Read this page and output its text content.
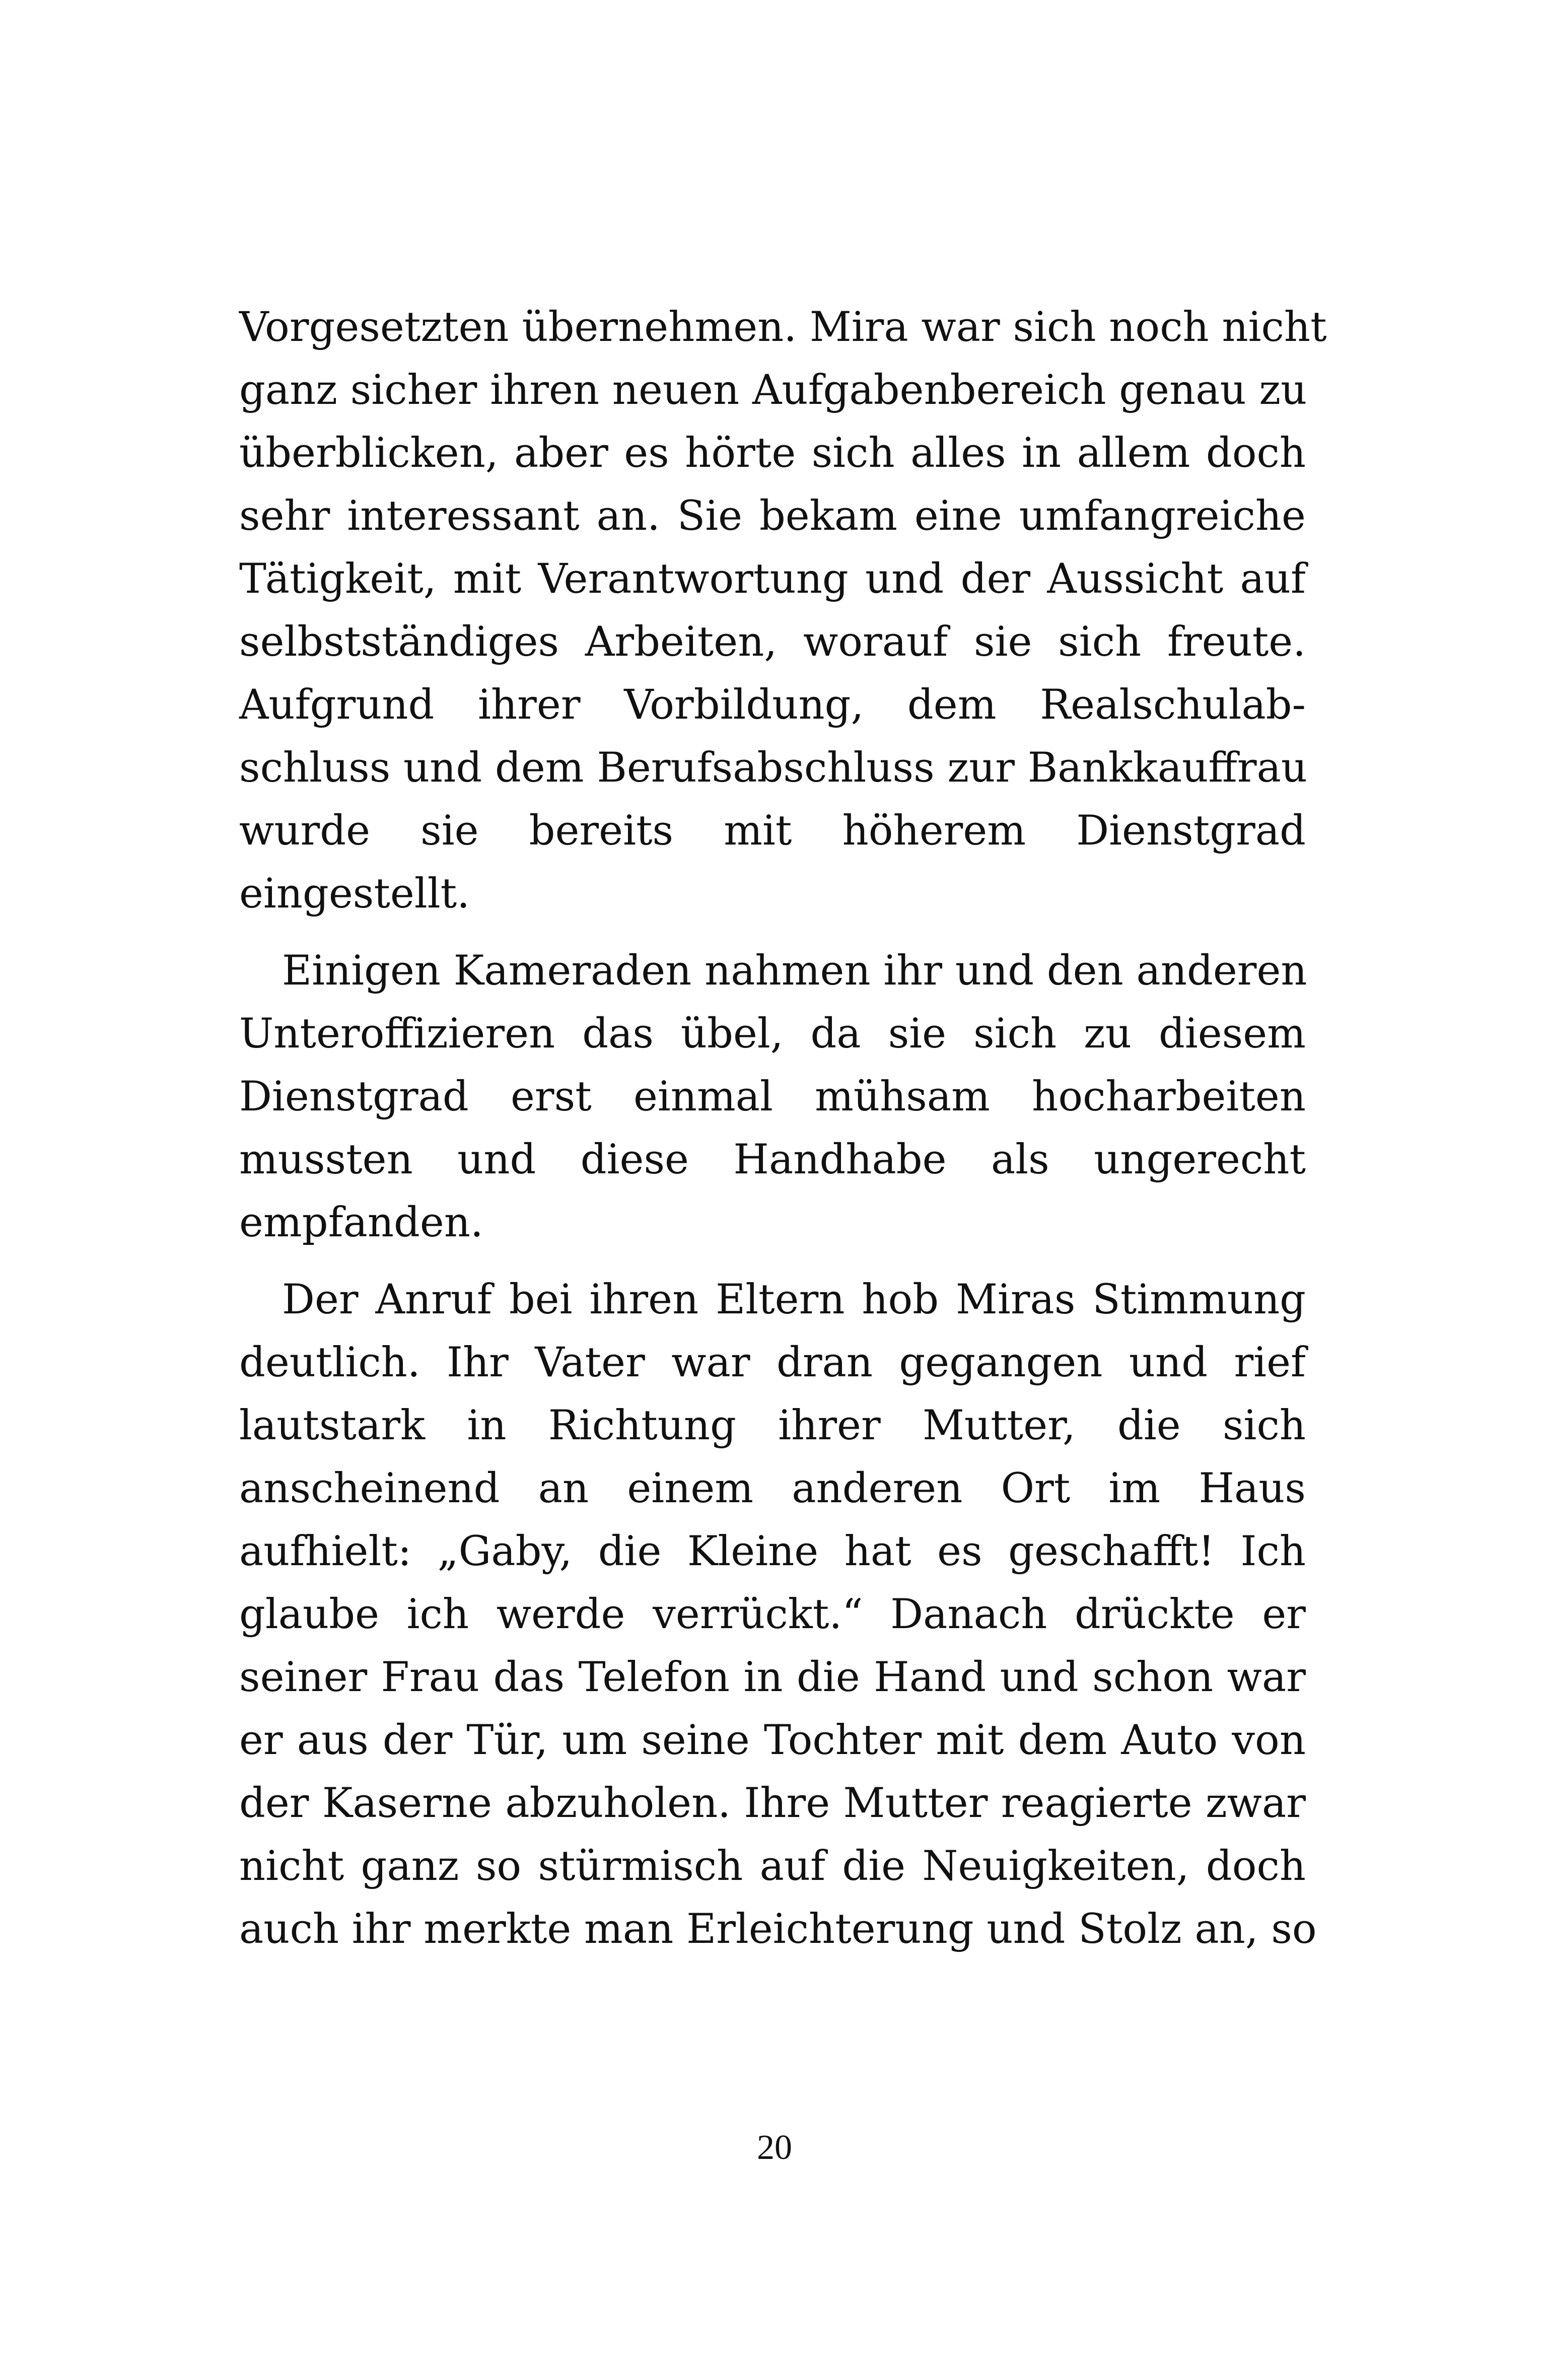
Vorgesetzten übernehmen. Mira war sich noch nicht
ganz sicher ihren neuen Aufgabenbereich genau zu
überblicken, aber es hörte sich alles in allem doch
sehr interessant an. Sie bekam eine umfangreiche
Tätigkeit, mit Verantwortung und der Aussicht auf
selbstständiges Arbeiten, worauf sie sich freute.
Aufgrund ihrer Vorbildung, dem Realschulab-
schluss und dem Berufsabschluss zur Bankkauffrau
wurde sie bereits mit höherem Dienstgrad
eingestellt.
Einigen Kameraden nahmen ihr und den anderen
Unteroffizieren das übel, da sie sich zu diesem
Dienstgrad erst einmal mühsam hocharbeiten
mussten und diese Handhabe als ungerecht
empfanden.
Der Anruf bei ihren Eltern hob Miras Stimmung
deutlich. Ihr Vater war dran gegangen und rief
lautstark in Richtung ihrer Mutter, die sich
anscheinend an einem anderen Ort im Haus
aufhielt: „Gaby, die Kleine hat es geschafft! Ich
glaube ich werde verrückt.“ Danach drückte er
seiner Frau das Telefon in die Hand und schon war
er aus der Tür, um seine Tochter mit dem Auto von
der Kaserne abzuholen. Ihre Mutter reagierte zwar
nicht ganz so stürmisch auf die Neuigkeiten, doch
auch ihr merkte man Erleichterung und Stolz an, so
20
